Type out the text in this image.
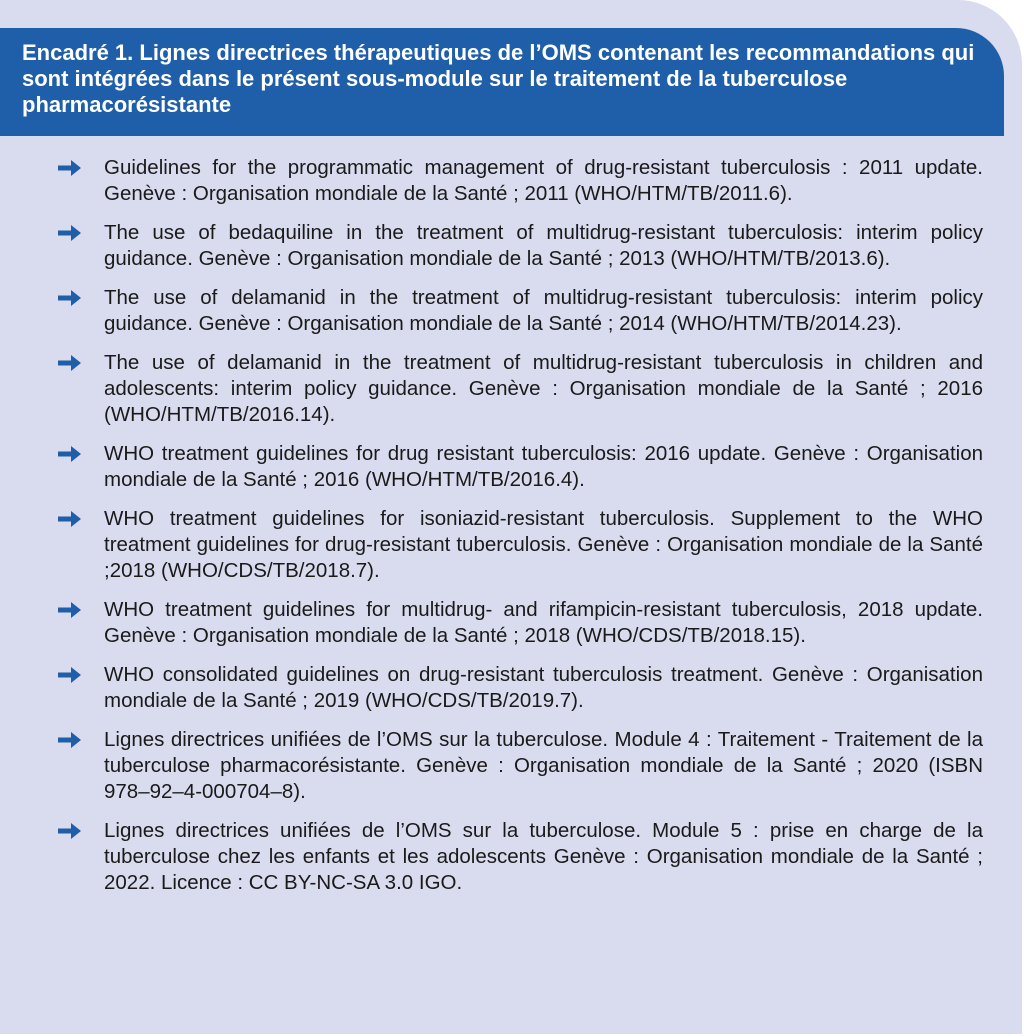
Encadré 1. Lignes directrices thérapeutiques de l’OMS contenant les recommandations qui sont intégrées dans le présent sous-module sur le traitement de la tuberculose pharmacorésistante

Guidelines for the programmatic management of drug-resistant tuberculosis : 2011 update. Genève : Organisation mondiale de la Santé ; 2011 (WHO/HTM/TB/2011.6).
The use of bedaquiline in the treatment of multidrug-resistant tuberculosis: interim policy guidance. Genève : Organisation mondiale de la Santé ; 2013 (WHO/HTM/TB/2013.6).
The use of delamanid in the treatment of multidrug-resistant tuberculosis: interim policy guidance. Genève : Organisation mondiale de la Santé ; 2014 (WHO/HTM/TB/2014.23).
The use of delamanid in the treatment of multidrug-resistant tuberculosis in children and adolescents: interim policy guidance. Genève : Organisation mondiale de la Santé ; 2016 (WHO/HTM/TB/2016.14).
WHO treatment guidelines for drug resistant tuberculosis: 2016 update. Genève : Organisation mondiale de la Santé ; 2016 (WHO/HTM/TB/2016.4).
WHO treatment guidelines for isoniazid-resistant tuberculosis. Supplement to the WHO treatment guidelines for drug-resistant tuberculosis. Genève : Organisation mondiale de la Santé ;2018 (WHO/CDS/TB/2018.7).
WHO treatment guidelines for multidrug- and rifampicin-resistant tuberculosis, 2018 update. Genève : Organisation mondiale de la Santé ; 2018 (WHO/CDS/TB/2018.15).
WHO consolidated guidelines on drug-resistant tuberculosis treatment. Genève : Organisation mondiale de la Santé ; 2019 (WHO/CDS/TB/2019.7).
Lignes directrices unifiées de l’OMS sur la tuberculose. Module 4 : Traitement - Traitement de la tuberculose pharmacorésistante. Genève : Organisation mondiale de la Santé ; 2020 (ISBN 978–92–4-000704–8).
Lignes directrices unifiées de l’OMS sur la tuberculose. Module 5 : prise en charge de la tuberculose chez les enfants et les adolescents Genève : Organisation mondiale de la Santé ; 2022. Licence : CC BY-NC-SA 3.0 IGO.
